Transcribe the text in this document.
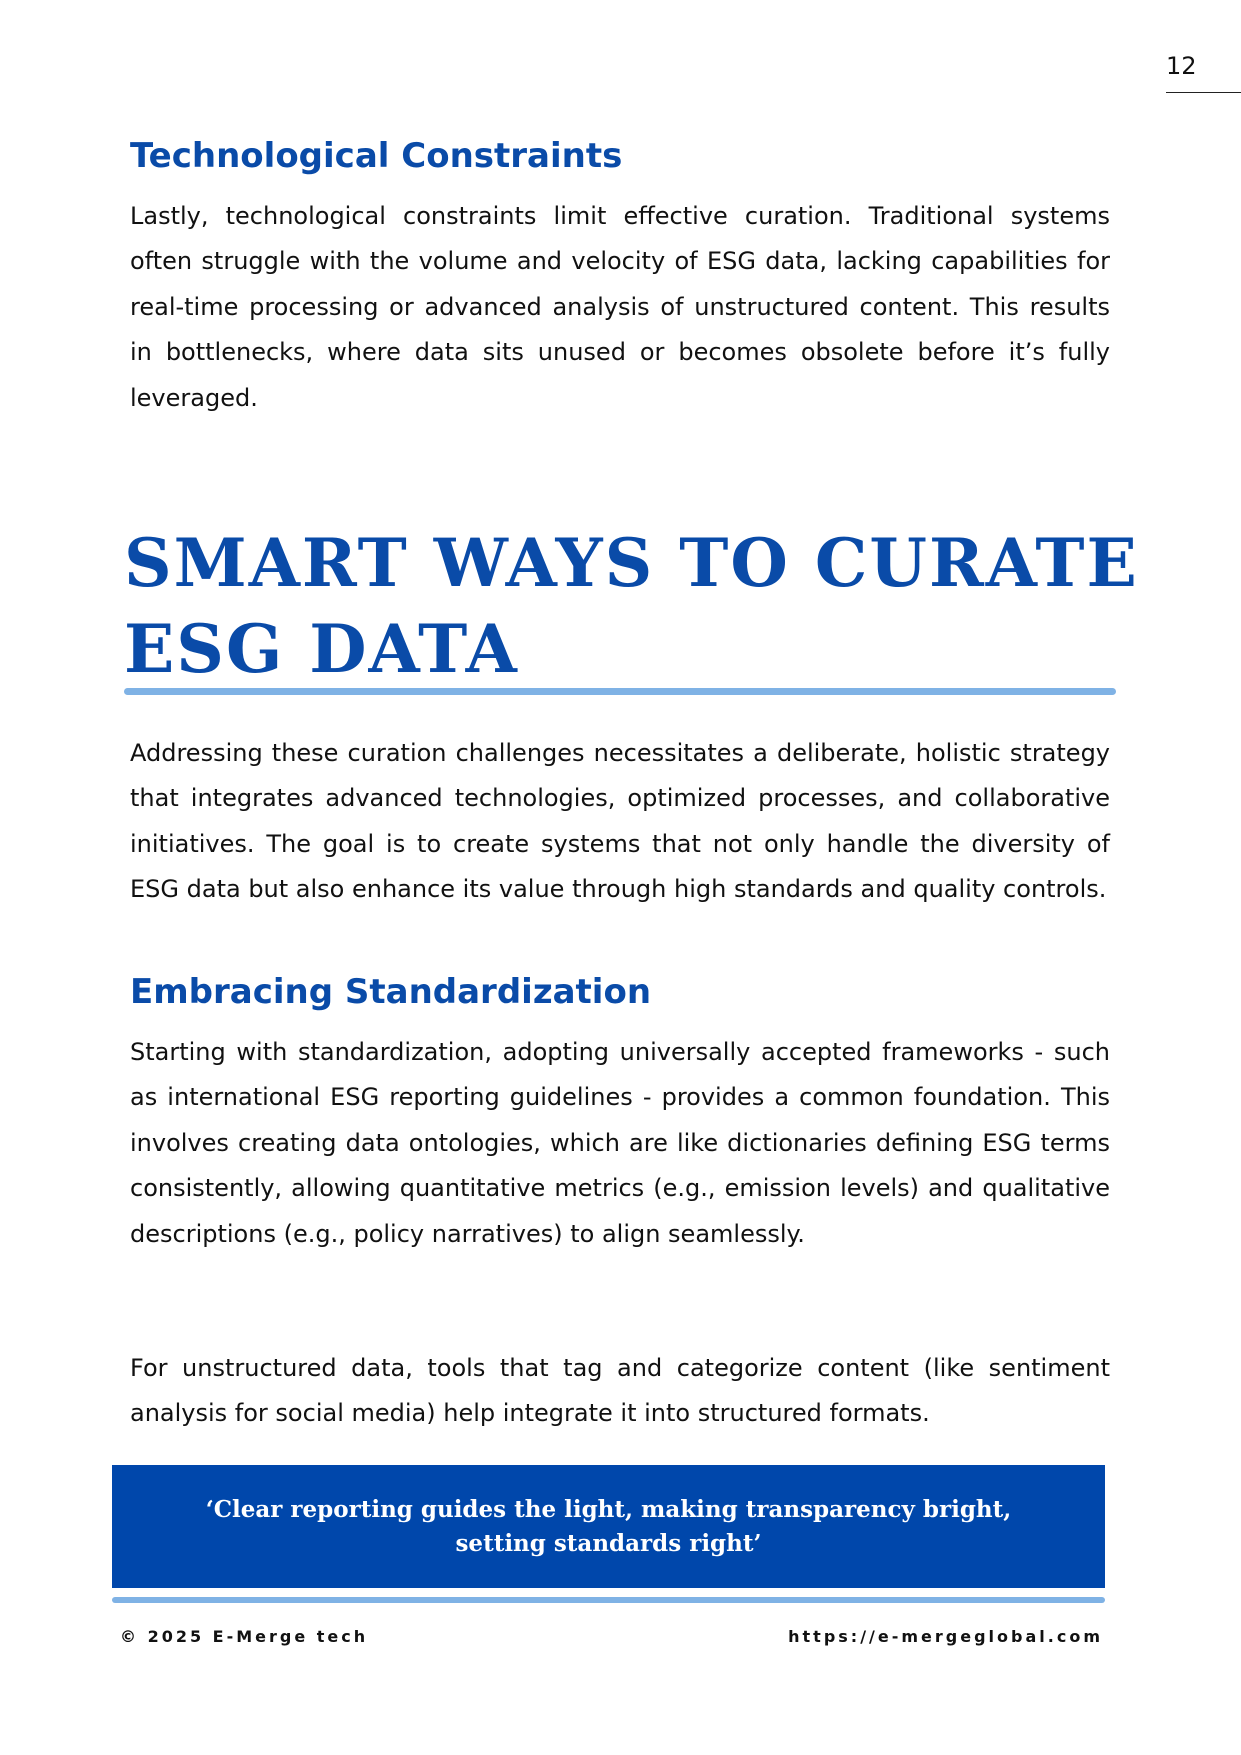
12
Technological Constraints

Lastly, technological constraints limit effective curation. Traditional systems often struggle with the volume and velocity of ESG data, lacking capabilities for real-time processing or advanced analysis of unstructured content. This results in bottlenecks, where data sits unused or becomes obsolete before it’s fully leveraged.

SMART WAYS TO CURATE
ESG DATA

Addressing these curation challenges necessitates a deliberate, holistic strategy that integrates advanced technologies, optimized processes, and collaborative initiatives. The goal is to create systems that not only handle the diversity of ESG data but also enhance its value through high standards and quality controls.

Embracing Standardization

Starting with standardization, adopting universally accepted frameworks - such as international ESG reporting guidelines - provides a common foundation. This involves creating data ontologies, which are like dictionaries defining ESG terms consistently, allowing quantitative metrics (e.g., emission levels) and qualitative descriptions (e.g., policy narratives) to align seamlessly.

For unstructured data, tools that tag and categorize content (like sentiment analysis for social media) help integrate it into structured formats.

‘Clear reporting guides the light, making transparency bright,
setting standards right’

© 2025 E-Merge tech	https://e-mergeglobal.com
